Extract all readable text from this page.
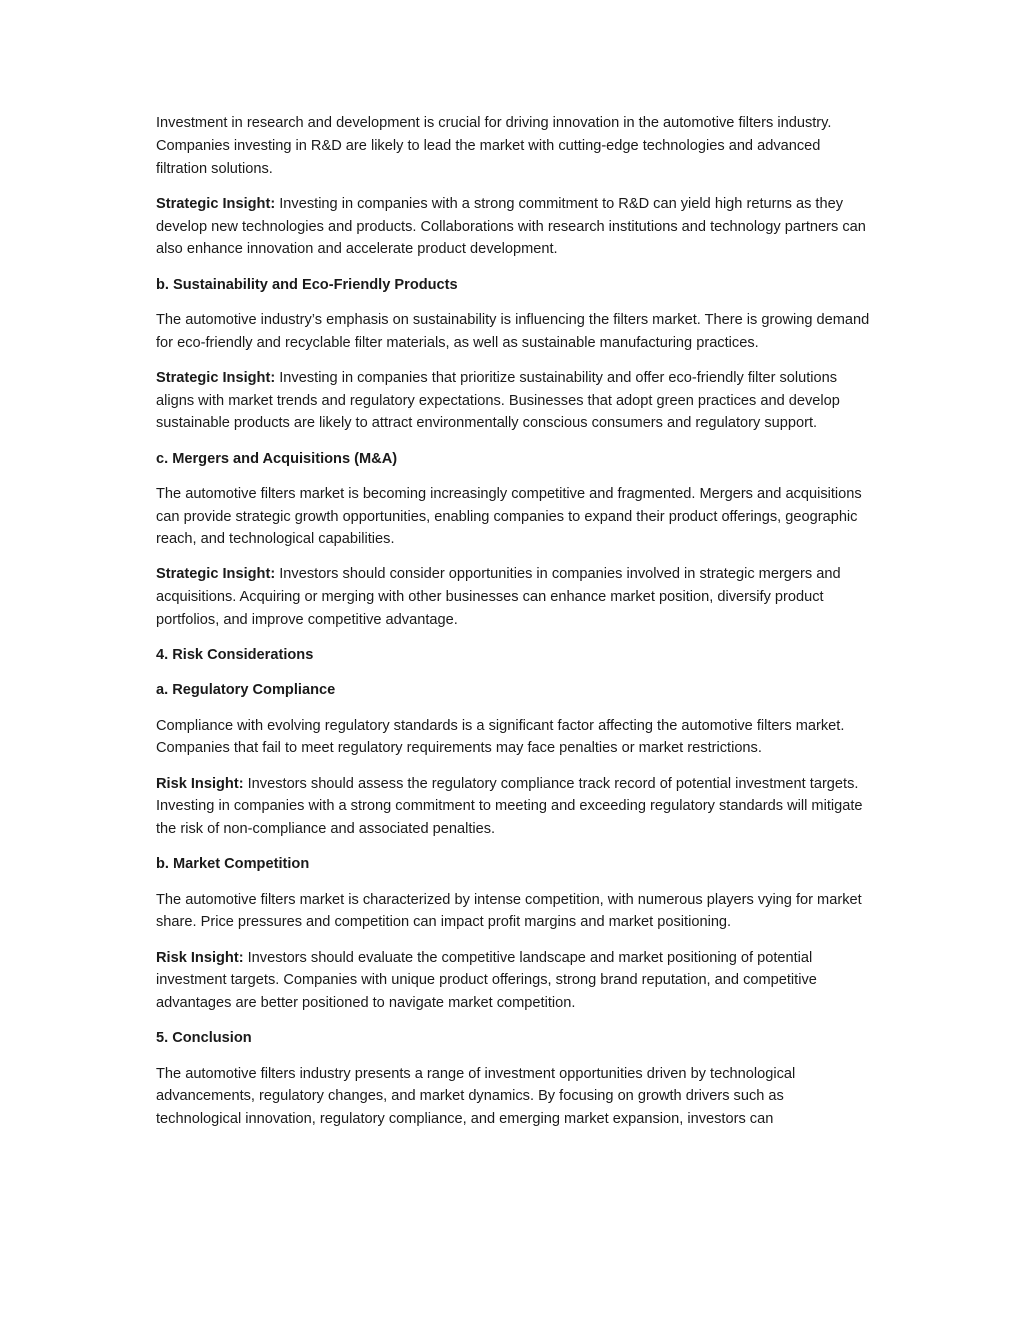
Investment in research and development is crucial for driving innovation in the automotive filters industry. Companies investing in R&D are likely to lead the market with cutting-edge technologies and advanced filtration solutions.

Strategic Insight: Investing in companies with a strong commitment to R&D can yield high returns as they develop new technologies and products. Collaborations with research institutions and technology partners can also enhance innovation and accelerate product development.

b. Sustainability and Eco-Friendly Products

The automotive industry’s emphasis on sustainability is influencing the filters market. There is growing demand for eco-friendly and recyclable filter materials, as well as sustainable manufacturing practices.

Strategic Insight: Investing in companies that prioritize sustainability and offer eco-friendly filter solutions aligns with market trends and regulatory expectations. Businesses that adopt green practices and develop sustainable products are likely to attract environmentally conscious consumers and regulatory support.

c. Mergers and Acquisitions (M&A)

The automotive filters market is becoming increasingly competitive and fragmented. Mergers and acquisitions can provide strategic growth opportunities, enabling companies to expand their product offerings, geographic reach, and technological capabilities.

Strategic Insight: Investors should consider opportunities in companies involved in strategic mergers and acquisitions. Acquiring or merging with other businesses can enhance market position, diversify product portfolios, and improve competitive advantage.

4. Risk Considerations

a. Regulatory Compliance

Compliance with evolving regulatory standards is a significant factor affecting the automotive filters market. Companies that fail to meet regulatory requirements may face penalties or market restrictions.

Risk Insight: Investors should assess the regulatory compliance track record of potential investment targets. Investing in companies with a strong commitment to meeting and exceeding regulatory standards will mitigate the risk of non-compliance and associated penalties.

b. Market Competition

The automotive filters market is characterized by intense competition, with numerous players vying for market share. Price pressures and competition can impact profit margins and market positioning.

Risk Insight: Investors should evaluate the competitive landscape and market positioning of potential investment targets. Companies with unique product offerings, strong brand reputation, and competitive advantages are better positioned to navigate market competition.

5. Conclusion

The automotive filters industry presents a range of investment opportunities driven by technological advancements, regulatory changes, and market dynamics. By focusing on growth drivers such as technological innovation, regulatory compliance, and emerging market expansion, investors can
